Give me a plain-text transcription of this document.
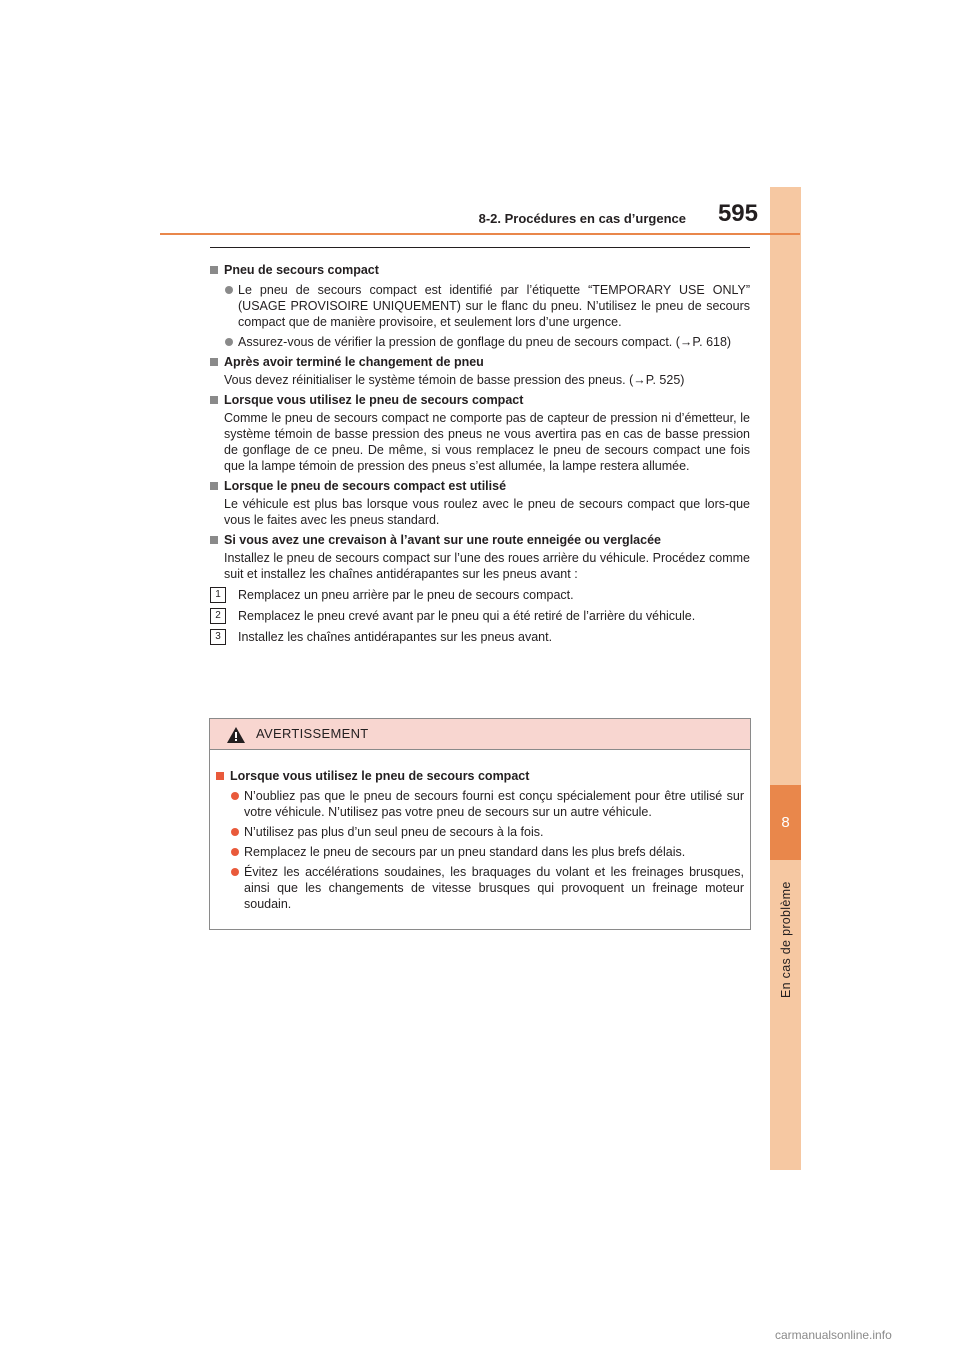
8
En cas de problème
8-2. Procédures en cas d’urgence 595
Pneu de secours compact
Le pneu de secours compact est identifié par l’étiquette “TEMPORARY USE ONLY” (USAGE PROVISOIRE UNIQUEMENT) sur le flanc du pneu. N’utilisez le pneu de secours compact que de manière provisoire, et seulement lors d’une urgence.
Assurez-vous de vérifier la pression de gonflage du pneu de secours compact. (→P. 618)
Après avoir terminé le changement de pneu
Vous devez réinitialiser le système témoin de basse pression des pneus. (→P. 525)
Lorsque vous utilisez le pneu de secours compact
Comme le pneu de secours compact ne comporte pas de capteur de pression ni d’émetteur, le système témoin de basse pression des pneus ne vous avertira pas en cas de basse pression de gonflage de ce pneu. De même, si vous remplacez le pneu de secours compact une fois que la lampe témoin de pression des pneus s’est allumée, la lampe restera allumée.
Lorsque le pneu de secours compact est utilisé
Le véhicule est plus bas lorsque vous roulez avec le pneu de secours compact que lors-que vous le faites avec les pneus standard.
Si vous avez une crevaison à l’avant sur une route enneigée ou verglacée
Installez le pneu de secours compact sur l’une des roues arrière du véhicule. Procédez comme suit et installez les chaînes antidérapantes sur les pneus avant :
1	Remplacez un pneu arrière par le pneu de secours compact.
2	Remplacez le pneu crevé avant par le pneu qui a été retiré de l’arrière du véhicule.
3	Installez les chaînes antidérapantes sur les pneus avant.
AVERTISSEMENT
Lorsque vous utilisez le pneu de secours compact
N’oubliez pas que le pneu de secours fourni est conçu spécialement pour être utilisé sur votre véhicule. N’utilisez pas votre pneu de secours sur un autre véhicule.
N’utilisez pas plus d’un seul pneu de secours à la fois.
Remplacez le pneu de secours par un pneu standard dans les plus brefs délais.
Évitez les accélérations soudaines, les braquages du volant et les freinages brusques, ainsi que les changements de vitesse brusques qui provoquent un freinage moteur soudain.
carmanualsonline.info
